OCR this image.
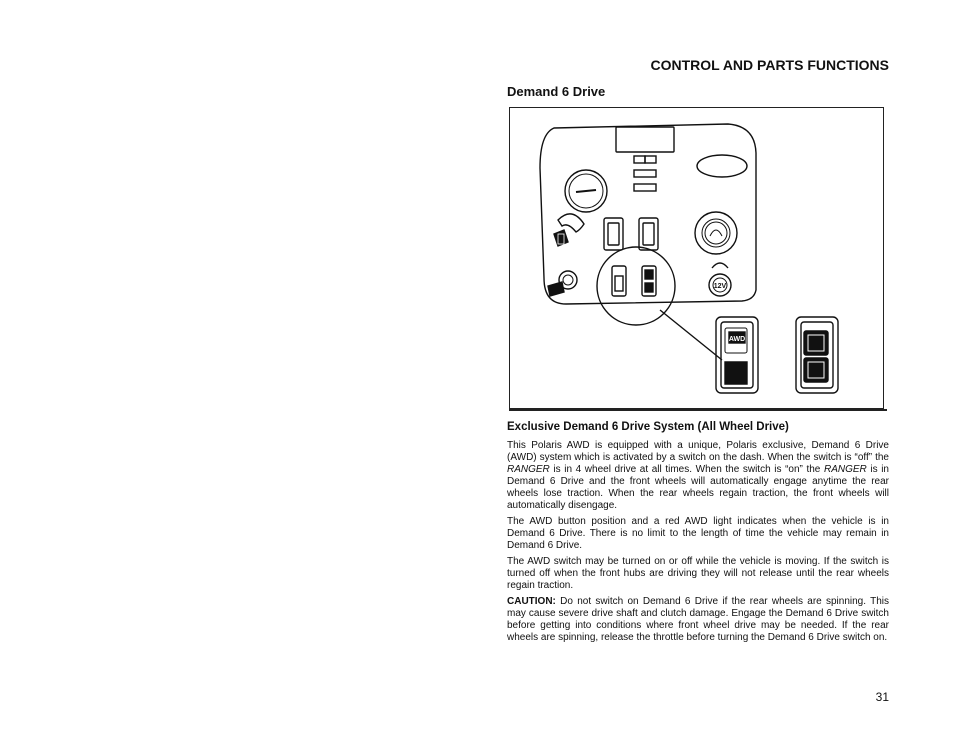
CONTROL AND PARTS FUNCTIONS
Demand 6 Drive
12V
AWD
Exclusive Demand 6 Drive System (All Wheel Drive)

This Polaris AWD is equipped with a unique, Polaris exclusive, Demand 6 Drive (AWD) system which is activated by a switch on the dash. When the switch is “off” the RANGER is in 4 wheel drive at all times. When the switch is “on” the RANGER is in Demand 6 Drive and the front wheels will automatically engage anytime the rear wheels lose traction. When the rear wheels regain traction, the front wheels will automatically disengage.

The AWD button position and a red AWD light indicates when the vehicle is in Demand 6 Drive. There is no limit to the length of time the vehicle may remain in Demand 6 Drive.

The AWD switch may be turned on or off while the vehicle is moving. If the switch is turned off when the front hubs are driving they will not release until the rear wheels regain traction.

CAUTION: Do not switch on Demand 6 Drive if the rear wheels are spinning. This may cause severe drive shaft and clutch damage. Engage the Demand 6 Drive switch before getting into conditions where front wheel drive may be needed. If the rear wheels are spinning, release the throttle before turning the Demand 6 Drive switch on.

31
